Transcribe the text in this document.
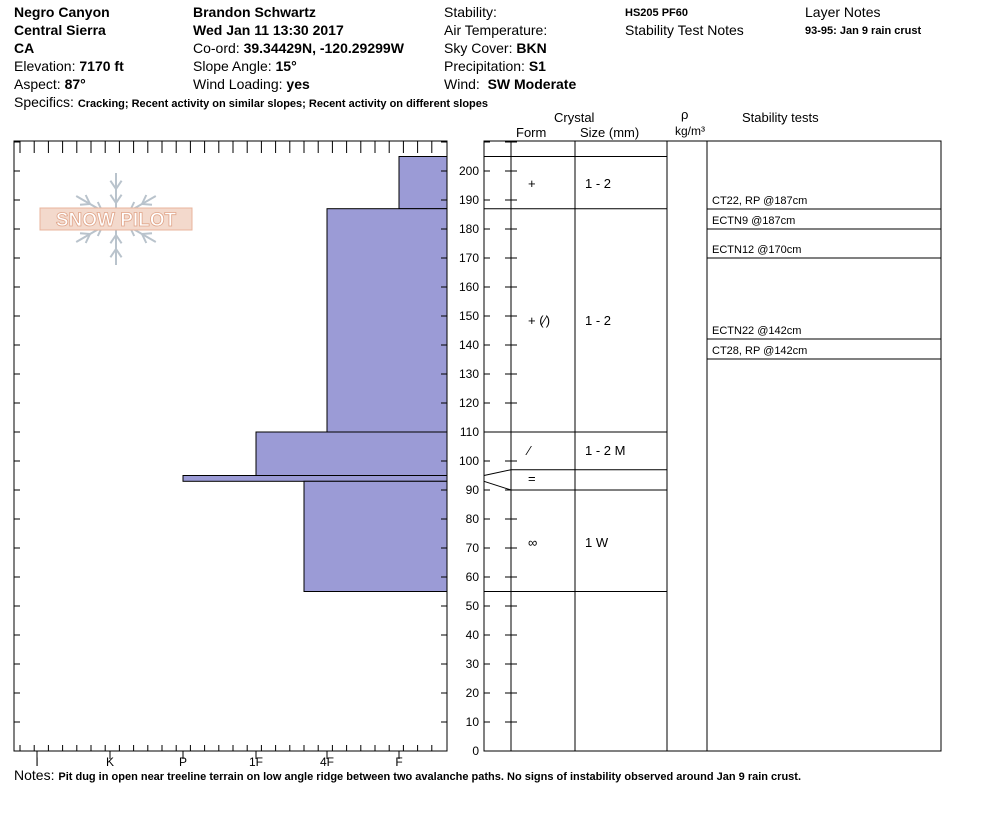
Negro Canyon
Central Sierra
CA
Elevation: 7170 ft
Aspect: 87°
Brandon Schwartz
Wed Jan 11 13:30 2017
Co-ord: 39.34429N, -120.29299W
Slope Angle: 15°
Wind Loading: yes
Stability:
Air Temperature:
Sky Cover: BKN
Precipitation: S1
Wind: SW Moderate
HS205 PF60
Stability Test Notes
Layer Notes
93-95: Jan 9 rain crust
Specifics: Cracking; Recent activity on similar slopes; Recent activity on different slopes
Crystal
Form	Size (mm)
ρ
kg/m³
Stability tests
SNOW PILOT
0
10
20
30
40
50
60
70
80
90
100
110
120
130
140
150
160
170
180
190
200
I	K	P	1F	4F	F
+	1 - 2
+ (⁄)	1 - 2
⁄	1 - 2 M
=
∞	1 W
CT22, RP @187cm
ECTN9 @187cm
ECTN12 @170cm
ECTN22 @142cm
CT28, RP @142cm
Notes: Pit dug in open near treeline terrain on low angle ridge between two avalanche paths. No signs of instability observed around Jan 9 rain crust.
